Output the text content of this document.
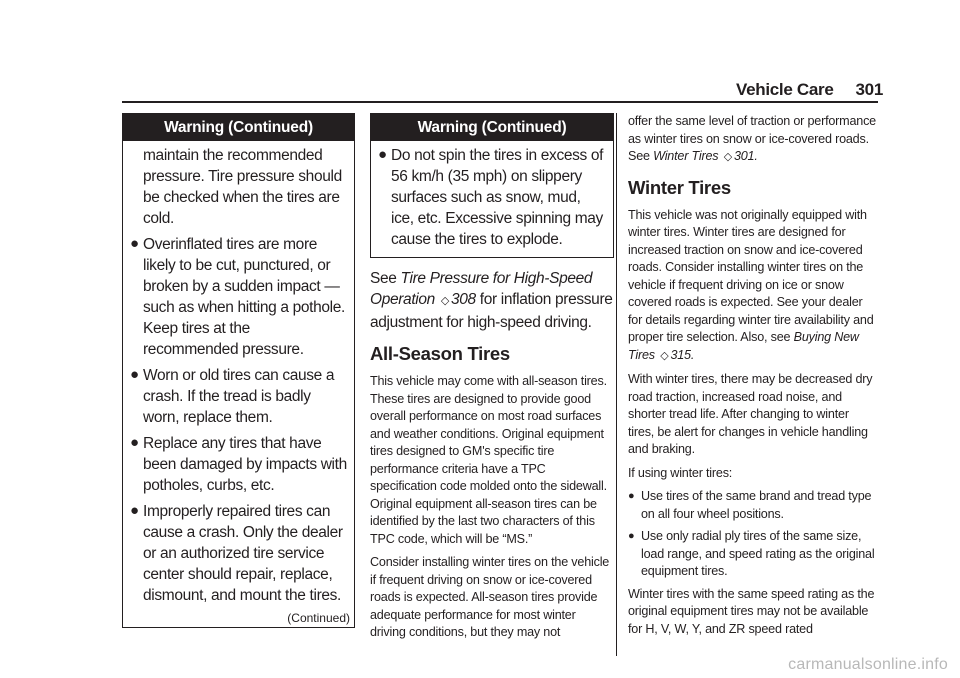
Vehicle Care 301
Warning (Continued)
maintain the recommended pressure. Tire pressure should be checked when the tires are cold.
● Overinflated tires are more likely to be cut, punctured, or broken by a sudden impact — such as when hitting a pothole. Keep tires at the recommended pressure.
● Worn or old tires can cause a crash. If the tread is badly worn, replace them.
● Replace any tires that have been damaged by impacts with potholes, curbs, etc.
● Improperly repaired tires can cause a crash. Only the dealer or an authorized tire service center should repair, replace, dismount, and mount the tires.
(Continued)
Warning (Continued)
● Do not spin the tires in excess of 56 km/h (35 mph) on slippery surfaces such as snow, mud, ice, etc. Excessive spinning may cause the tires to explode.

See Tire Pressure for High-Speed Operation ◇ 308 for inflation pressure adjustment for high-speed driving.

All-Season Tires

This vehicle may come with all-season tires. These tires are designed to provide good overall performance on most road surfaces and weather conditions. Original equipment tires designed to GM's specific tire performance criteria have a TPC specification code molded onto the sidewall. Original equipment all-season tires can be identified by the last two characters of this TPC code, which will be “MS.”

Consider installing winter tires on the vehicle if frequent driving on snow or ice-covered roads is expected. All-season tires provide adequate performance for most winter driving conditions, but they may not

offer the same level of traction or performance as winter tires on snow or ice-covered roads. See Winter Tires ◇ 301.

Winter Tires

This vehicle was not originally equipped with winter tires. Winter tires are designed for increased traction on snow and ice-covered roads. Consider installing winter tires on the vehicle if frequent driving on ice or snow covered roads is expected. See your dealer for details regarding winter tire availability and proper tire selection. Also, see Buying New Tires ◇ 315.

With winter tires, there may be decreased dry road traction, increased road noise, and shorter tread life. After changing to winter tires, be alert for changes in vehicle handling and braking.

If using winter tires:

● Use tires of the same brand and tread type on all four wheel positions.
● Use only radial ply tires of the same size, load range, and speed rating as the original equipment tires.

Winter tires with the same speed rating as the original equipment tires may not be available for H, V, W, Y, and ZR speed rated

carmanualsonline.info
